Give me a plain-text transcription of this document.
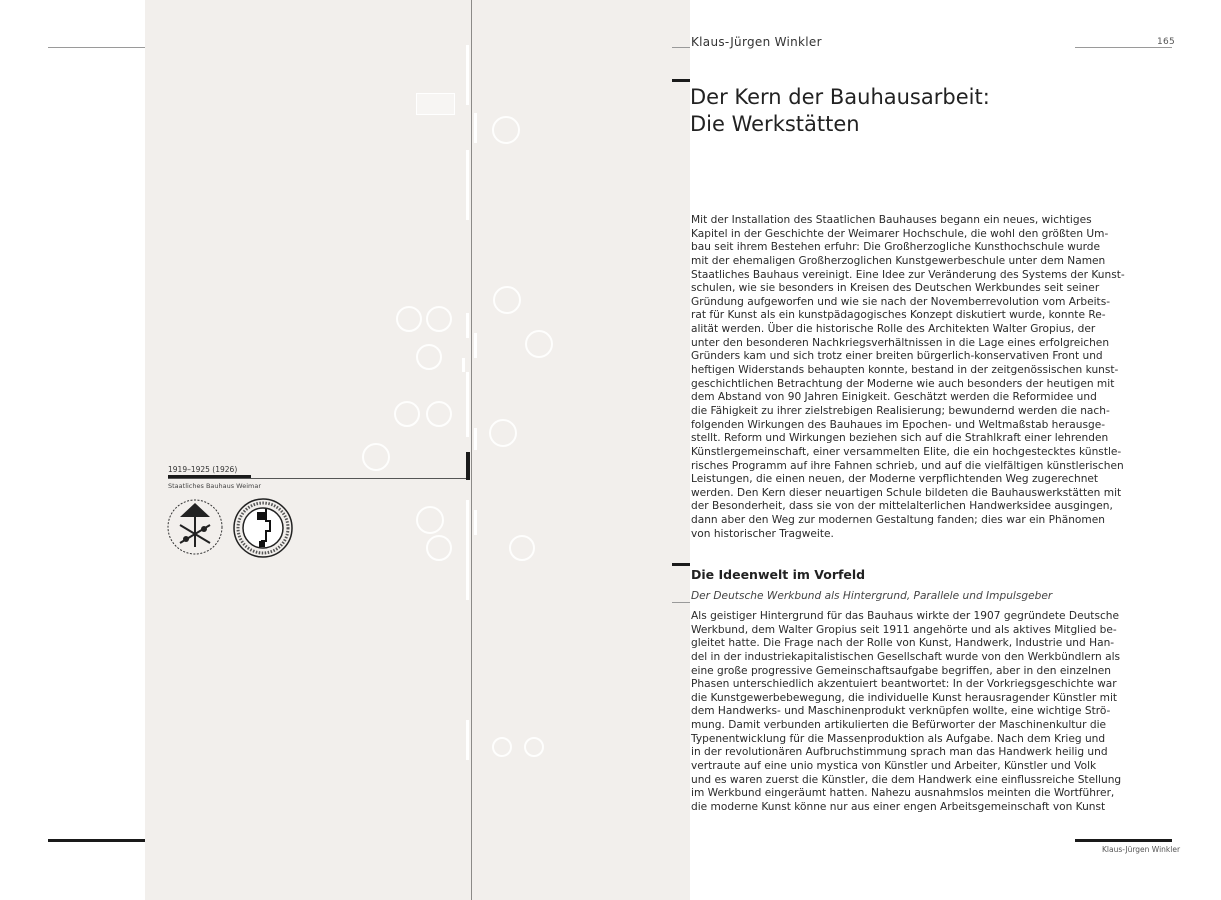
1919–1925 (1926)
Staatliches Bauhaus Weimar
Klaus-Jürgen Winkler	165
Der Kern der Bauhausarbeit:
Die Werkstätten
Mit der Installation des Staatlichen Bauhauses begann ein neues, wichtiges
Kapitel in der Geschichte der Weimarer Hochschule, die wohl den größten Um-
bau seit ihrem Bestehen erfuhr: Die Großherzogliche Kunsthochschule wurde
mit der ehemaligen Großherzoglichen Kunstgewerbeschule unter dem Namen
Staatliches Bauhaus vereinigt. Eine Idee zur Veränderung des Systems der Kunst-
schulen, wie sie besonders in Kreisen des Deutschen Werkbundes seit seiner
Gründung aufgeworfen und wie sie nach der Novemberrevolution vom Arbeits-
rat für Kunst als ein kunstpädagogisches Konzept diskutiert wurde, konnte Re-
alität werden. Über die historische Rolle des Architekten Walter Gropius, der
unter den besonderen Nachkriegsverhältnissen in die Lage eines erfolgreichen
Gründers kam und sich trotz einer breiten bürgerlich-konservativen Front und
heftigen Widerstands behaupten konnte, bestand in der zeitgenössischen kunst-
geschichtlichen Betrachtung der Moderne wie auch besonders der heutigen mit
dem Abstand von 90 Jahren Einigkeit. Geschätzt werden die Reformidee und
die Fähigkeit zu ihrer zielstrebigen Realisierung; bewundernd werden die nach-
folgenden Wirkungen des Bauhaues im Epochen- und Weltmaßstab herausge-
stellt. Reform und Wirkungen beziehen sich auf die Strahlkraft einer lehrenden
Künstlergemeinschaft, einer versammelten Elite, die ein hochgestecktes künstle-
risches Programm auf ihre Fahnen schrieb, und auf die vielfältigen künstlerischen
Leistungen, die einen neuen, der Moderne verpflichtenden Weg zugerechnet
werden. Den Kern dieser neuartigen Schule bildeten die Bauhauswerkstätten mit
der Besonderheit, dass sie von der mittelalterlichen Handwerksidee ausgingen,
dann aber den Weg zur modernen Gestaltung fanden; dies war ein Phänomen
von historischer Tragweite.
Die Ideenwelt im Vorfeld
Der Deutsche Werkbund als Hintergrund, Parallele und Impulsgeber
Als geistiger Hintergrund für das Bauhaus wirkte der 1907 gegründete Deutsche
Werkbund, dem Walter Gropius seit 1911 angehörte und als aktives Mitglied be-
gleitet hatte. Die Frage nach der Rolle von Kunst, Handwerk, Industrie und Han-
del in der industriekapitalistischen Gesellschaft wurde von den Werkbündlern als
eine große progressive Gemeinschaftsaufgabe begriffen, aber in den einzelnen
Phasen unterschiedlich akzentuiert beantwortet: In der Vorkriegsgeschichte war
die Kunstgewerbebewegung, die individuelle Kunst herausragender Künstler mit
dem Handwerks- und Maschinenprodukt verknüpfen wollte, eine wichtige Strö-
mung. Damit verbunden artikulierten die Befürworter der Maschinenkultur die
Typenentwicklung für die Massenproduktion als Aufgabe. Nach dem Krieg und
in der revolutionären Aufbruchstimmung sprach man das Handwerk heilig und
vertraute auf eine unio mystica von Künstler und Arbeiter, Künstler und Volk
und es waren zuerst die Künstler, die dem Handwerk eine einflussreiche Stellung
im Werkbund eingeräumt hatten. Nahezu ausnahmslos meinten die Wortführer,
die moderne Kunst könne nur aus einer engen Arbeitsgemeinschaft von Kunst
Klaus-Jürgen Winkler
